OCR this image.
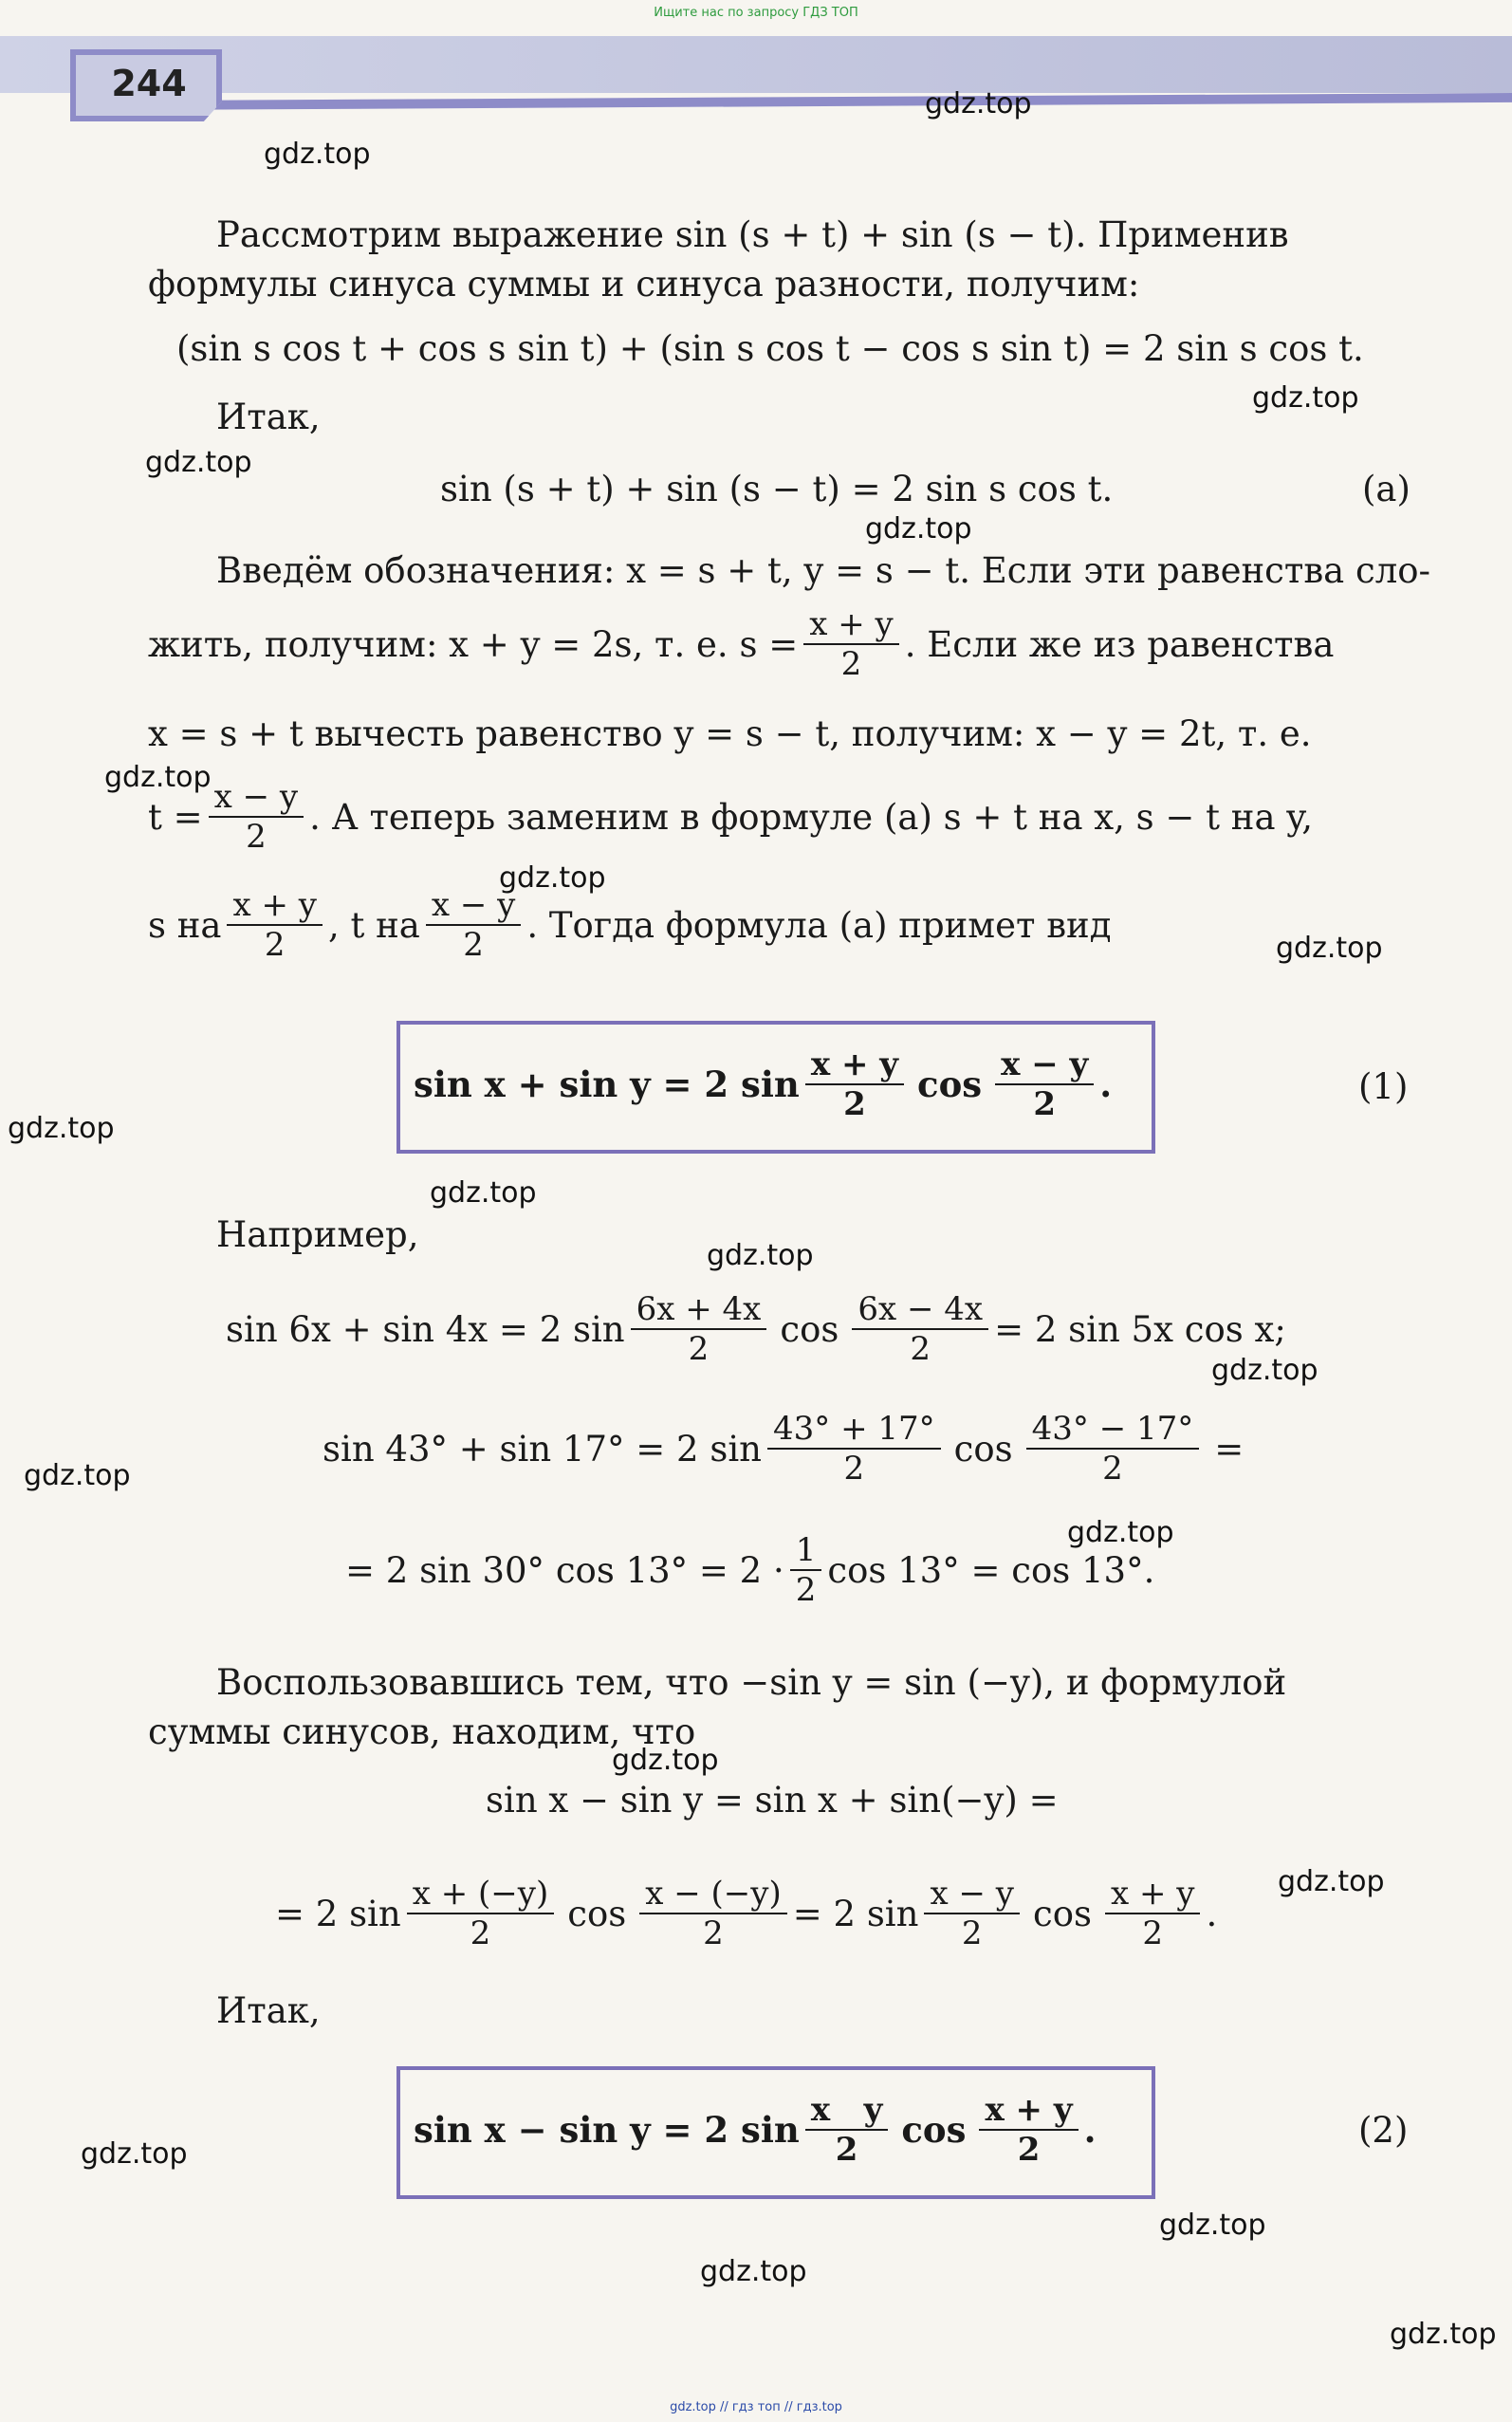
Ищите нас по запросу ГДЗ ТОП
244	gdz.top
gdz.top
gdz.top
gdz.top
gdz.top
gdz.top
gdz.top
gdz.top
gdz.top
gdz.top
gdz.top
gdz.top
gdz.top
gdz.top
gdz.top
gdz.top
gdz.top
gdz.top
gdz.top
gdz.top

Рассмотрим выражение sin (s + t) + sin (s − t). Применив формулы синуса суммы и синуса разности, получим:

(sin s cos t + cos s sin t) + (sin s cos t − cos s sin t) = 2 sin s cos t.
Итак,
sin (s + t) + sin (s − t) = 2 sin s cos t.	(a)
Введём обозначения: x = s + t, y = s − t. Если эти равенства сло-
жить, получим: x + y = 2s, т. е. $s = \frac{x + y}{2}$ . Если же из равенства
x = s + t вычесть равенство y = s − t, получим: x − y = 2t, т. е.
$t = \frac{x - y}{2}$ . А теперь заменим в формуле (а) s + t на x, s − t на y,
s на $\frac{x + y}{2}$ , t на $\frac{x - y}{2}$ . Тогда формула (а) примет вид
sin x + sin y = 2 $\sin \frac{x + y}{2}$ $\cos \frac{x - y}{2}$ .	(1)
Например,
sin 6x + sin 4x = 2 $\sin \frac{6x + 4x}{2}$ $\cos \frac{6x - 4x}{2} = 2$ sin 5x cos x;
sin 43° + sin 17° = 2 $\sin \frac{43^\circ + 17^\circ}{2}$ $\cos \frac{43^\circ - 17^\circ}{2}$ =
= 2 sin 30° $\cos 13^\circ = 2 \cdot \frac{1}{2}$ cos 13° = cos 13°.

Воспользовавшись тем, что −sin y = sin (−y), и формулой суммы синусов, находим, что

sin x − sin y = sin x + sin(−y) =
= 2 $\sin \frac{x + (-y)}{2}$ $\cos \frac{x - (-y)}{2} = 2$ $\sin \frac{x - y}{2}$ $\cos \frac{x + y}{2}$ .
Итак,
sin x − sin y = 2 $\sin \frac{\text{x   y}}{2}$ $\cos \frac{x + y}{2}$ .	(2)
gdz.top // гдз топ // гдз.top
